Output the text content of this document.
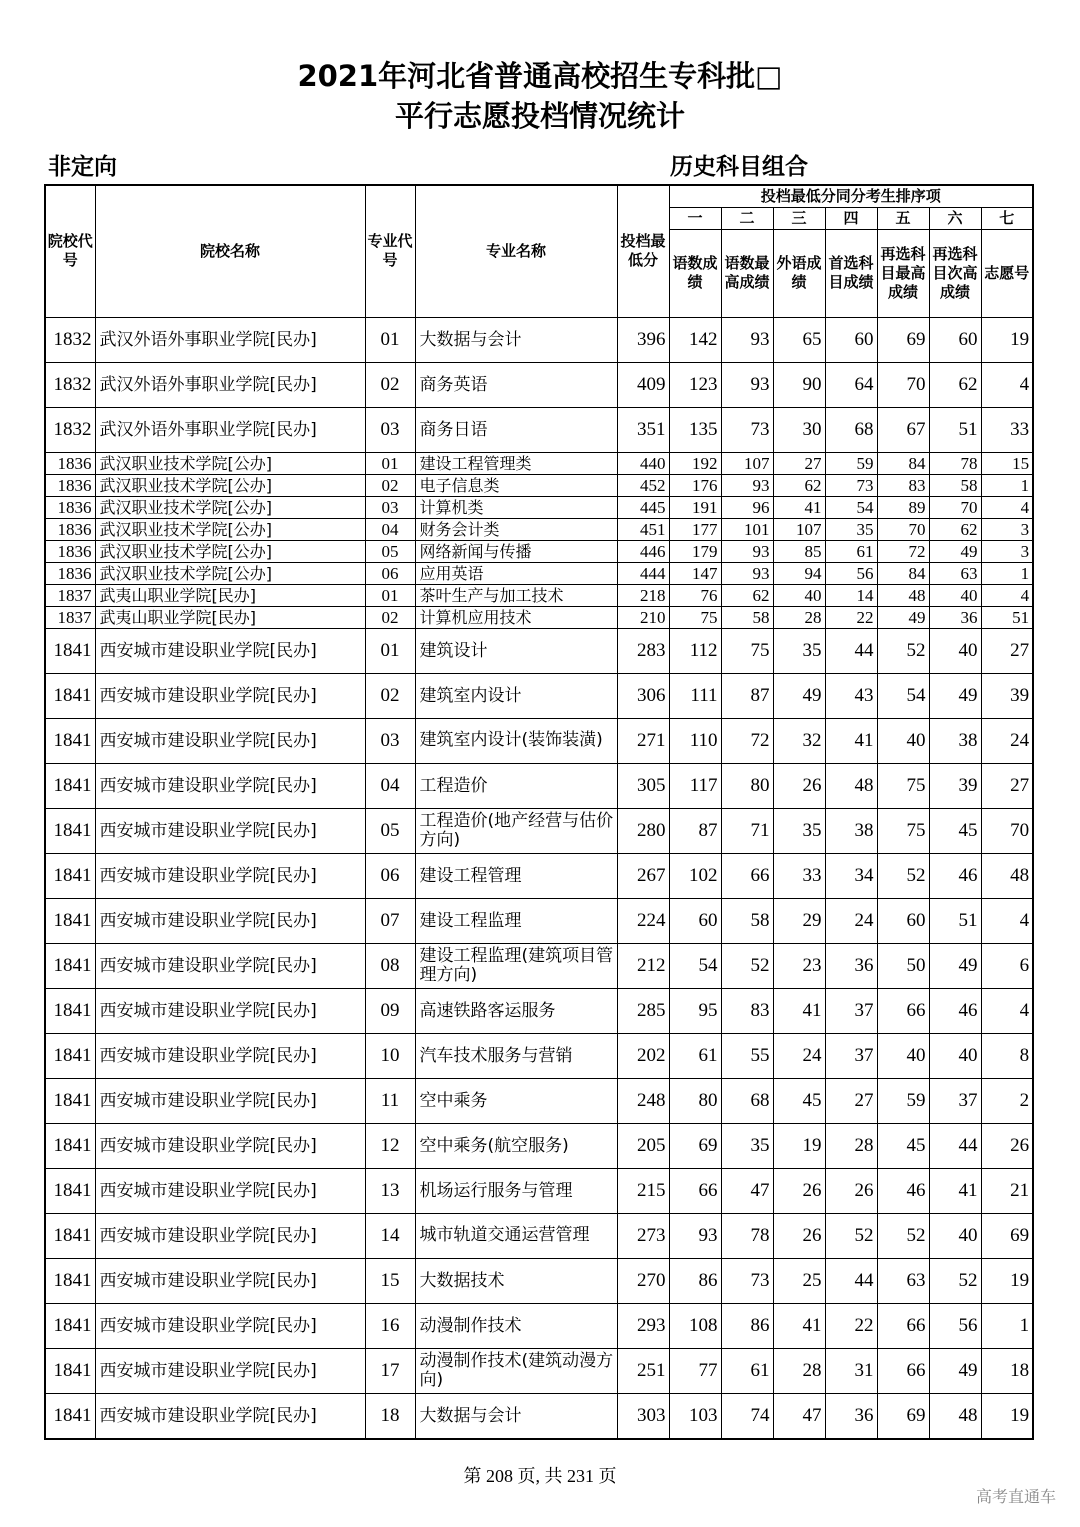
2021年河北省普通高校招生专科批□
平行志愿投档情况统计
非定向	历史科目组合
院校代号	院校名称	专业代号	专业名称	投档最低分	投档最低分同分考生排序项						
					一	二	三	四	五	六	七
					语数成绩	语数最高成绩	外语成绩	首选科目成绩	再选科目最高成绩	再选科目次高成绩	志愿号
1832	武汉外语外事职业学院[民办]	01	大数据与会计	396	142	93	65	60	69	60	19
1832	武汉外语外事职业学院[民办]	02	商务英语	409	123	93	90	64	70	62	4
1832	武汉外语外事职业学院[民办]	03	商务日语	351	135	73	30	68	67	51	33
1836	武汉职业技术学院[公办]	01	建设工程管理类	440	192	107	27	59	84	78	15
1836	武汉职业技术学院[公办]	02	电子信息类	452	176	93	62	73	83	58	1
1836	武汉职业技术学院[公办]	03	计算机类	445	191	96	41	54	89	70	4
1836	武汉职业技术学院[公办]	04	财务会计类	451	177	101	107	35	70	62	3
1836	武汉职业技术学院[公办]	05	网络新闻与传播	446	179	93	85	61	72	49	3
1836	武汉职业技术学院[公办]	06	应用英语	444	147	93	94	56	84	63	1
1837	武夷山职业学院[民办]	01	茶叶生产与加工技术	218	76	62	40	14	48	40	4
1837	武夷山职业学院[民办]	02	计算机应用技术	210	75	58	28	22	49	36	51
1841	西安城市建设职业学院[民办]	01	建筑设计	283	112	75	35	44	52	40	27
1841	西安城市建设职业学院[民办]	02	建筑室内设计	306	111	87	49	43	54	49	39
1841	西安城市建设职业学院[民办]	03	建筑室内设计(装饰装潢)	271	110	72	32	41	40	38	24
1841	西安城市建设职业学院[民办]	04	工程造价	305	117	80	26	48	75	39	27
1841	西安城市建设职业学院[民办]	05	工程造价(地产经营与估价方向)	280	87	71	35	38	75	45	70
1841	西安城市建设职业学院[民办]	06	建设工程管理	267	102	66	33	34	52	46	48
1841	西安城市建设职业学院[民办]	07	建设工程监理	224	60	58	29	24	60	51	4
1841	西安城市建设职业学院[民办]	08	建设工程监理(建筑项目管理方向)	212	54	52	23	36	50	49	6
1841	西安城市建设职业学院[民办]	09	高速铁路客运服务	285	95	83	41	37	66	46	4
1841	西安城市建设职业学院[民办]	10	汽车技术服务与营销	202	61	55	24	37	40	40	8
1841	西安城市建设职业学院[民办]	11	空中乘务	248	80	68	45	27	59	37	2
1841	西安城市建设职业学院[民办]	12	空中乘务(航空服务)	205	69	35	19	28	45	44	26
1841	西安城市建设职业学院[民办]	13	机场运行服务与管理	215	66	47	26	26	46	41	21
1841	西安城市建设职业学院[民办]	14	城市轨道交通运营管理	273	93	78	26	52	52	40	69
1841	西安城市建设职业学院[民办]	15	大数据技术	270	86	73	25	44	63	52	19
1841	西安城市建设职业学院[民办]	16	动漫制作技术	293	108	86	41	22	66	56	1
1841	西安城市建设职业学院[民办]	17	动漫制作技术(建筑动漫方向)	251	77	61	28	31	66	49	18
1841	西安城市建设职业学院[民办]	18	大数据与会计	303	103	74	47	36	69	48	19
第 208 页, 共 231 页
高考直通车
